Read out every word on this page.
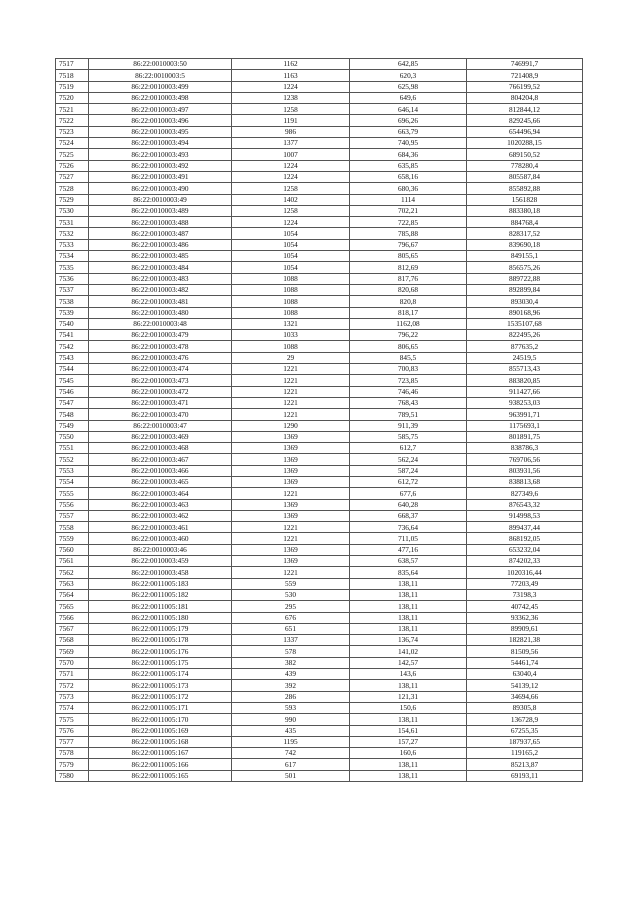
7517	86:22:0010003:50	1162	642,85	746991,7
7518	86:22:0010003:5	1163	620,3	721408,9
7519	86:22:0010003:499	1224	625,98	766199,52
7520	86:22:0010003:498	1238	649,6	804204,8
7521	86:22:0010003:497	1258	646,14	812844,12
7522	86:22:0010003:496	1191	696,26	829245,66
7523	86:22:0010003:495	986	663,79	654496,94
7524	86:22:0010003:494	1377	740,95	1020288,15
7525	86:22:0010003:493	1007	684,36	689150,52
7526	86:22:0010003:492	1224	635,85	778280,4
7527	86:22:0010003:491	1224	658,16	805587,84
7528	86:22:0010003:490	1258	680,36	855892,88
7529	86:22:0010003:49	1402	1114	1561828
7530	86:22:0010003:489	1258	702,21	883380,18
7531	86:22:0010003:488	1224	722,85	884768,4
7532	86:22:0010003:487	1054	785,88	828317,52
7533	86:22:0010003:486	1054	796,67	839690,18
7534	86:22:0010003:485	1054	805,65	849155,1
7535	86:22:0010003:484	1054	812,69	856575,26
7536	86:22:0010003:483	1088	817,76	889722,88
7537	86:22:0010003:482	1088	820,68	892899,84
7538	86:22:0010003:481	1088	820,8	893030,4
7539	86:22:0010003:480	1088	818,17	890168,96
7540	86:22:0010003:48	1321	1162,08	1535107,68
7541	86:22:0010003:479	1033	796,22	822495,26
7542	86:22:0010003:478	1088	806,65	877635,2
7543	86:22:0010003:476	29	845,5	24519,5
7544	86:22:0010003:474	1221	700,83	855713,43
7545	86:22:0010003:473	1221	723,85	883820,85
7546	86:22:0010003:472	1221	746,46	911427,66
7547	86:22:0010003:471	1221	768,43	938253,03
7548	86:22:0010003:470	1221	789,51	963991,71
7549	86:22:0010003:47	1290	911,39	1175693,1
7550	86:22:0010003:469	1369	585,75	801891,75
7551	86:22:0010003:468	1369	612,7	838786,3
7552	86:22:0010003:467	1369	562,24	769706,56
7553	86:22:0010003:466	1369	587,24	803931,56
7554	86:22:0010003:465	1369	612,72	838813,68
7555	86:22:0010003:464	1221	677,6	827349,6
7556	86:22:0010003:463	1369	640,28	876543,32
7557	86:22:0010003:462	1369	668,37	914998,53
7558	86:22:0010003:461	1221	736,64	899437,44
7559	86:22:0010003:460	1221	711,05	868192,05
7560	86:22:0010003:46	1369	477,16	653232,04
7561	86:22:0010003:459	1369	638,57	874202,33
7562	86:22:0010003:458	1221	835,64	1020316,44
7563	86:22:0011005:183	559	138,11	77203,49
7564	86:22:0011005:182	530	138,11	73198,3
7565	86:22:0011005:181	295	138,11	40742,45
7566	86:22:0011005:180	676	138,11	93362,36
7567	86:22:0011005:179	651	138,11	89909,61
7568	86:22:0011005:178	1337	136,74	182821,38
7569	86:22:0011005:176	578	141,02	81509,56
7570	86:22:0011005:175	382	142,57	54461,74
7571	86:22:0011005:174	439	143,6	63040,4
7572	86:22:0011005:173	392	138,11	54139,12
7573	86:22:0011005:172	286	121,31	34694,66
7574	86:22:0011005:171	593	150,6	89305,8
7575	86:22:0011005:170	990	138,11	136728,9
7576	86:22:0011005:169	435	154,61	67255,35
7577	86:22:0011005:168	1195	157,27	187937,65
7578	86:22:0011005:167	742	160,6	119165,2
7579	86:22:0011005:166	617	138,11	85213,87
7580	86:22:0011005:165	501	138,11	69193,11
